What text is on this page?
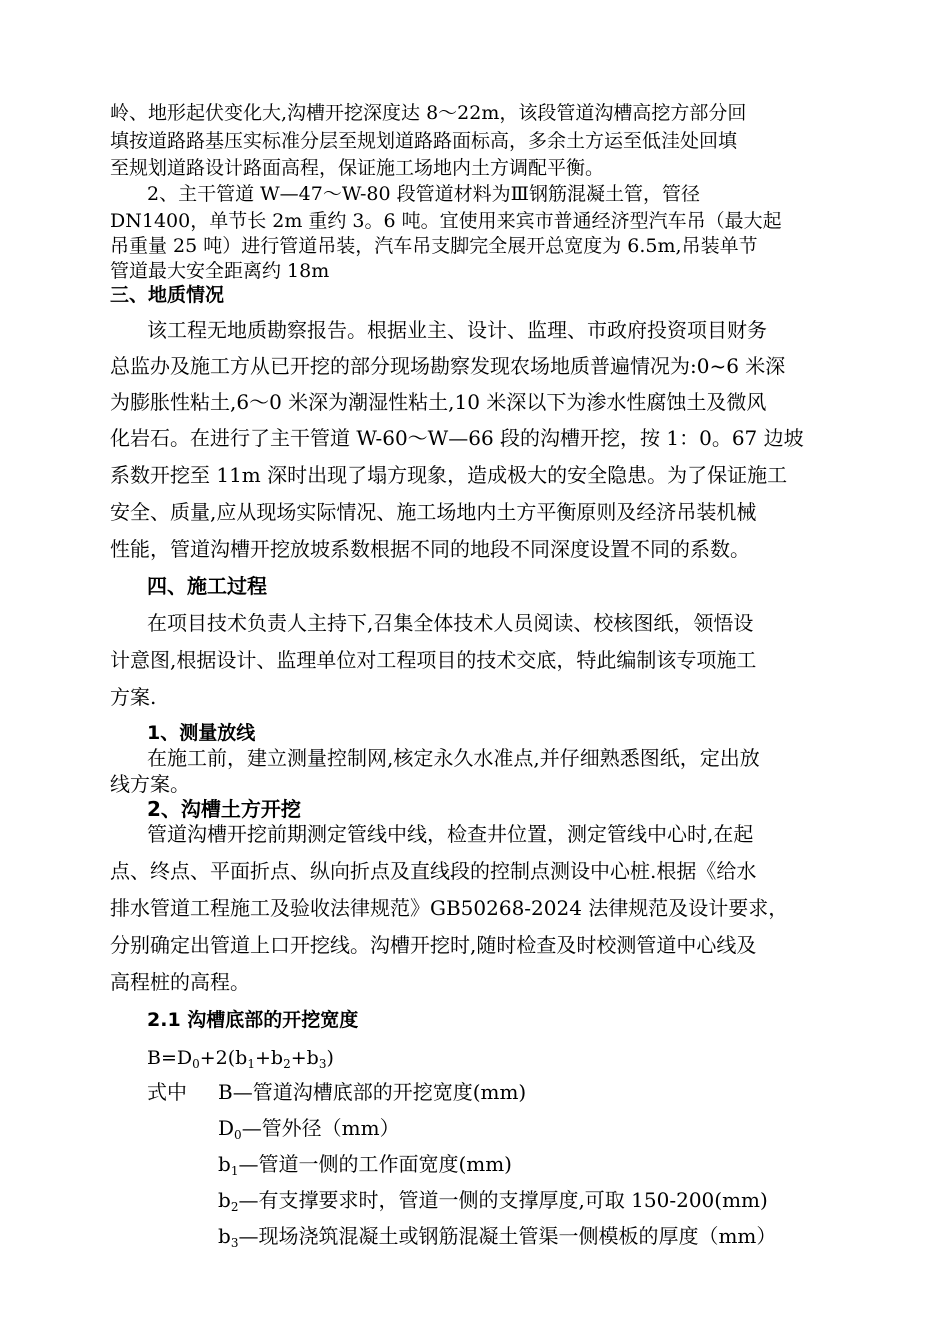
岭、地形起伏变化大,沟槽开挖深度达 8～22m，该段管道沟槽高挖方部分回
填按道路路基压实标准分层至规划道路路面标高，多余土方运至低洼处回填
至规划道路设计路面高程，保证施工场地内土方调配平衡。
2、主干管道 W—47～W-80 段管道材料为Ⅲ钢筋混凝土管，管径
DN1400，单节长 2m 重约 3。6 吨。宜使用来宾市普通经济型汽车吊（最大起
吊重量 25 吨）进行管道吊装，汽车吊支脚完全展开总宽度为 6.5m,吊装单节
管道最大安全距离约 18m
三、地质情况
该工程无地质勘察报告。根据业主、设计、监理、市政府投资项目财务
总监办及施工方从已开挖的部分现场勘察发现农场地质普遍情况为:0~6 米深
为膨胀性粘土,6～0 米深为潮湿性粘土,10 米深以下为渗水性腐蚀土及微风
化岩石。在进行了主干管道 W-60～W—66 段的沟槽开挖，按 1：0。67 边坡
系数开挖至 11m 深时出现了塌方现象，造成极大的安全隐患。为了保证施工
安全、质量,应从现场实际情况、施工场地内土方平衡原则及经济吊装机械
性能，管道沟槽开挖放坡系数根据不同的地段不同深度设置不同的系数。
四、施工过程
在项目技术负责人主持下,召集全体技术人员阅读、校核图纸，领悟设
计意图,根据设计、监理单位对工程项目的技术交底，特此编制该专项施工
方案.
1、测量放线
在施工前，建立测量控制网,核定永久水准点,并仔细熟悉图纸，定出放
线方案。
2、沟槽土方开挖
管道沟槽开挖前期测定管线中线，检查井位置，测定管线中心时,在起
点、终点、平面折点、纵向折点及直线段的控制点测设中心桩.根据《给水
排水管道工程施工及验收法律规范》GB50268-2024 法律规范及设计要求，
分别确定出管道上口开挖线。沟槽开挖时,随时检查及时校测管道中心线及
高程桩的高程。
2.1 沟槽底部的开挖宽度
$B=D_0+2(b_1+b_2+b_3)$
式中 B—管道沟槽底部的开挖宽度(mm)
$D_0—$管外径（mm）
$b_1—$管道一侧的工作面宽度(mm)
$b_2—$有支撑要求时，管道一侧的支撑厚度,可取 150-200(mm)
$b_3—$现场浇筑混凝土或钢筋混凝土管渠一侧模板的厚度（mm）
